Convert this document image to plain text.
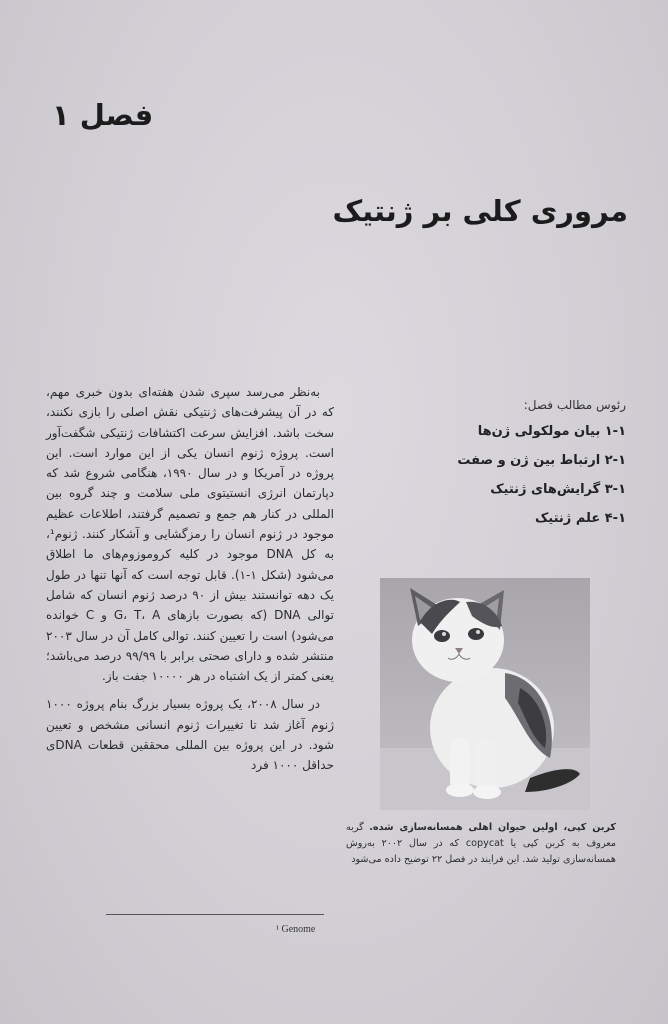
فصل ۱
مروری کلی بر ژنتیک
رئوس مطالب فصل:
۱-۱ بیان مولکولی ژن‌ها
۲-۱ ارتباط بین ژن و صفت
۳-۱ گرایش‌های ژنتیک
۴-۱ علم ژنتیک

به‌نظر می‌رسد سپری شدن هفته‌ای بدون خبری مهم، که در آن پیشرفت‌های ژنتیکی نقش اصلی را بازی نکنند، سخت باشد. افزایش سرعت اکتشافات ژنتیکی شگفت‌آور است. پروژه ژنوم انسان یکی از این موارد است. این پروژه در آمریکا و در سال ۱۹۹۰، هنگامی شروع شد که دپارتمان انرژی انستیتوی ملی سلامت و چند گروه بین المللی در کنار هم جمع و تصمیم گرفتند، اطلاعات عظیم موجود در ژنوم انسان را رمزگشایی و آشکار کنند. ژنوم¹، به کل DNA موجود در کلیه کروموزوم‌های ما اطلاق می‌شود (شکل ۱-۱). قابل توجه است که آنها تنها در طول یک دهه توانستند بیش از ۹۰ درصد ژنوم انسان که شامل توالی DNA (که بصورت بازهای G، T، A و C خوانده می‌شود) است را تعیین کنند. توالی کامل آن در سال ۲۰۰۳ منتشر شده و دارای صحتی برابر با ۹۹/۹۹ درصد می‌باشد؛ یعنی کمتر از یک اشتباه در هر ۱۰۰۰۰ جفت باز.

در سال ۲۰۰۸، یک پروژه بسیار بزرگ بنام پروژه ۱۰۰۰ ژنوم آغاز شد تا تغییرات ژنوم انسانی مشخص و تعیین شود. در این پروژه بین المللی محققین قطعات DNAی حداقل ۱۰۰۰ فرد

کربن کپی، اولین حیوان اهلی همسانه‌سازی شده. گربه معروف به کربن کپی یا copycat که در سال ۲۰۰۲ به‌روش همسانه‌سازی تولید شد. این فرایند در فصل ۲۲ توضیح داده می‌شود
¹ Genome
